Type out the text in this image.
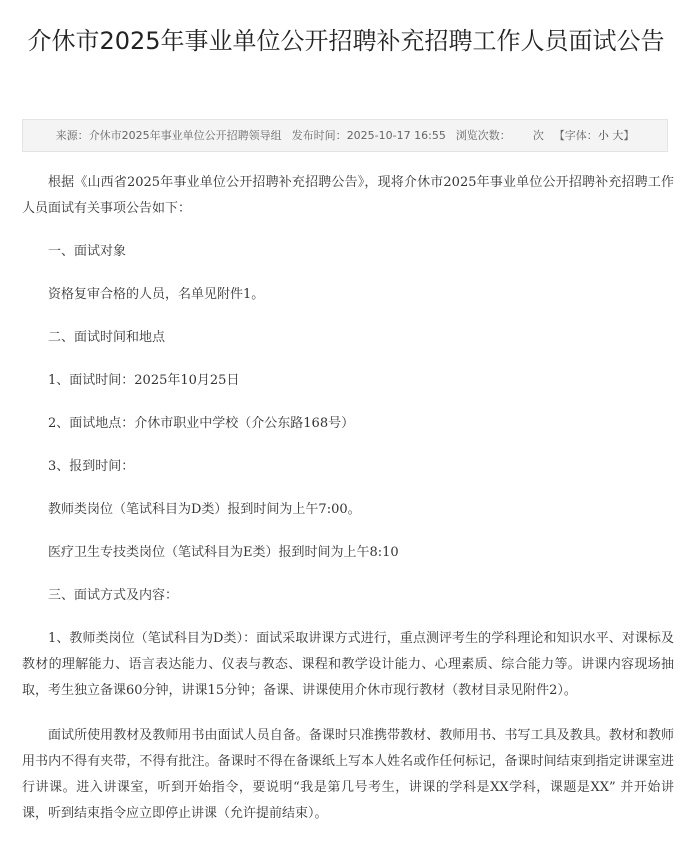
介休市2025年事业单位公开招聘补充招聘工作人员面试公告
来源：介休市2025年事业单位公开招聘领导组 发布时间：2025-10-17 16:55 浏览次数： 次 【字体：小 大】

根据《山西省2025年事业单位公开招聘补充招聘公告》，现将介休市2025年事业单位公开招聘补充招聘工作人员面试有关事项公告如下：

一、面试对象

资格复审合格的人员，名单见附件1。

二、面试时间和地点

1、面试时间：2025年10月25日

2、面试地点：介休市职业中学校（介公东路168号）

3、报到时间：

教师类岗位（笔试科目为D类）报到时间为上午7:00。

医疗卫生专技类岗位（笔试科目为E类）报到时间为上午8:10

三、面试方式及内容：

1、教师类岗位（笔试科目为D类）：面试采取讲课方式进行，重点测评考生的学科理论和知识水平、对课标及教材的理解能力、语言表达能力、仪表与教态、课程和教学设计能力、心理素质、综合能力等。讲课内容现场抽取，考生独立备课60分钟，讲课15分钟；备课、讲课使用介休市现行教材（教材目录见附件2）。

面试所使用教材及教师用书由面试人员自备。备课时只准携带教材、教师用书、书写工具及教具。教材和教师用书内不得有夹带，不得有批注。备课时不得在备课纸上写本人姓名或作任何标记，备课时间结束到指定讲课室进行讲课。进入讲课室，听到开始指令，要说明“我是第几号考生，讲课的学科是XX学科，课题是XX” 并开始讲课，听到结束指令应立即停止讲课（允许提前结束）。
